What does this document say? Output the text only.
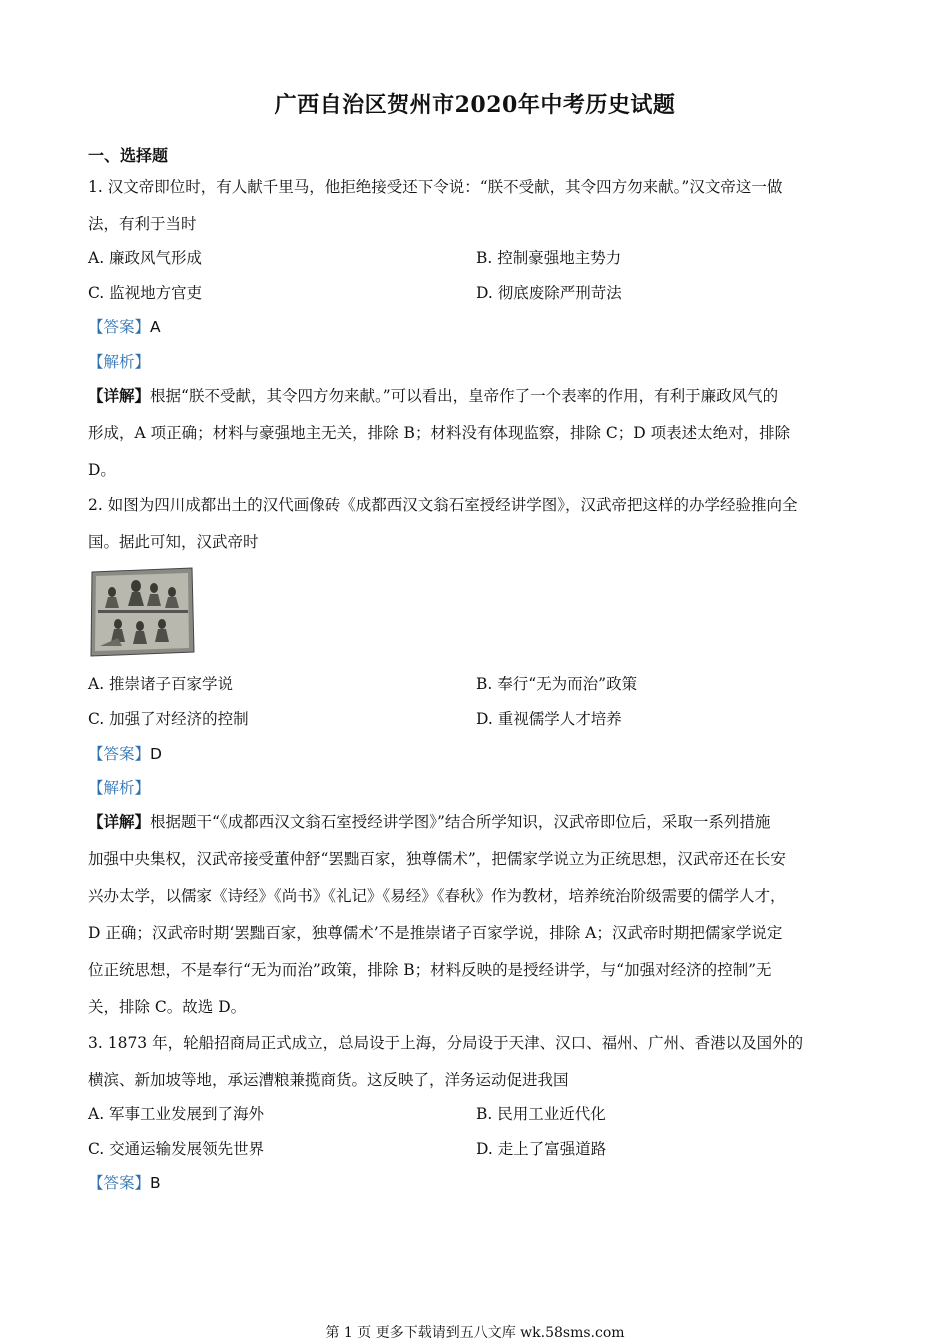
广西自治区贺州市2020年中考历史试题
一、选择题
1. 汉文帝即位时，有人献千里马，他拒绝接受还下令说：“朕不受献，其令四方勿来献。”汉文帝这一做
法，有利于当时
A. 廉政风气形成	B. 控制豪强地主势力
C. 监视地方官吏	D. 彻底废除严刑苛法
【答案】A
【解析】
【详解】根据“朕不受献，其令四方勿来献。”可以看出，皇帝作了一个表率的作用，有利于廉政风气的
形成，A 项正确；材料与豪强地主无关，排除 B；材料没有体现监察，排除 C；D 项表述太绝对，排除
D。
2. 如图为四川成都出土的汉代画像砖《成都西汉文翁石室授经讲学图》，汉武帝把这样的办学经验推向全
国。据此可知，汉武帝时
A. 推崇诸子百家学说	B. 奉行“无为而治”政策
C. 加强了对经济的控制	D. 重视儒学人才培养
【答案】D
【解析】
【详解】根据题干“《成都西汉文翁石室授经讲学图》”结合所学知识，汉武帝即位后，采取一系列措施
加强中央集权，汉武帝接受董仲舒“罢黜百家，独尊儒术”，把儒家学说立为正统思想，汉武帝还在长安
兴办太学，以儒家《诗经》《尚书》《礼记》《易经》《春秋》作为教材，培养统治阶级需要的儒学人才，
D 正确；汉武帝时期‘罢黜百家，独尊儒术’不是推崇诸子百家学说，排除 A；汉武帝时期把儒家学说定
位正统思想，不是奉行“无为而治”政策，排除 B；材料反映的是授经讲学，与“加强对经济的控制”无
关，排除 C。故选 D。
3. 1873 年，轮船招商局正式成立，总局设于上海，分局设于天津、汉口、福州、广州、香港以及国外的
横滨、新加坡等地，承运漕粮兼揽商货。这反映了，洋务运动促进我国
A. 军事工业发展到了海外	B. 民用工业近代化
C. 交通运输发展领先世界	D. 走上了富强道路
【答案】B
第 1 页 更多下载请到五八文库 wk.58sms.com
